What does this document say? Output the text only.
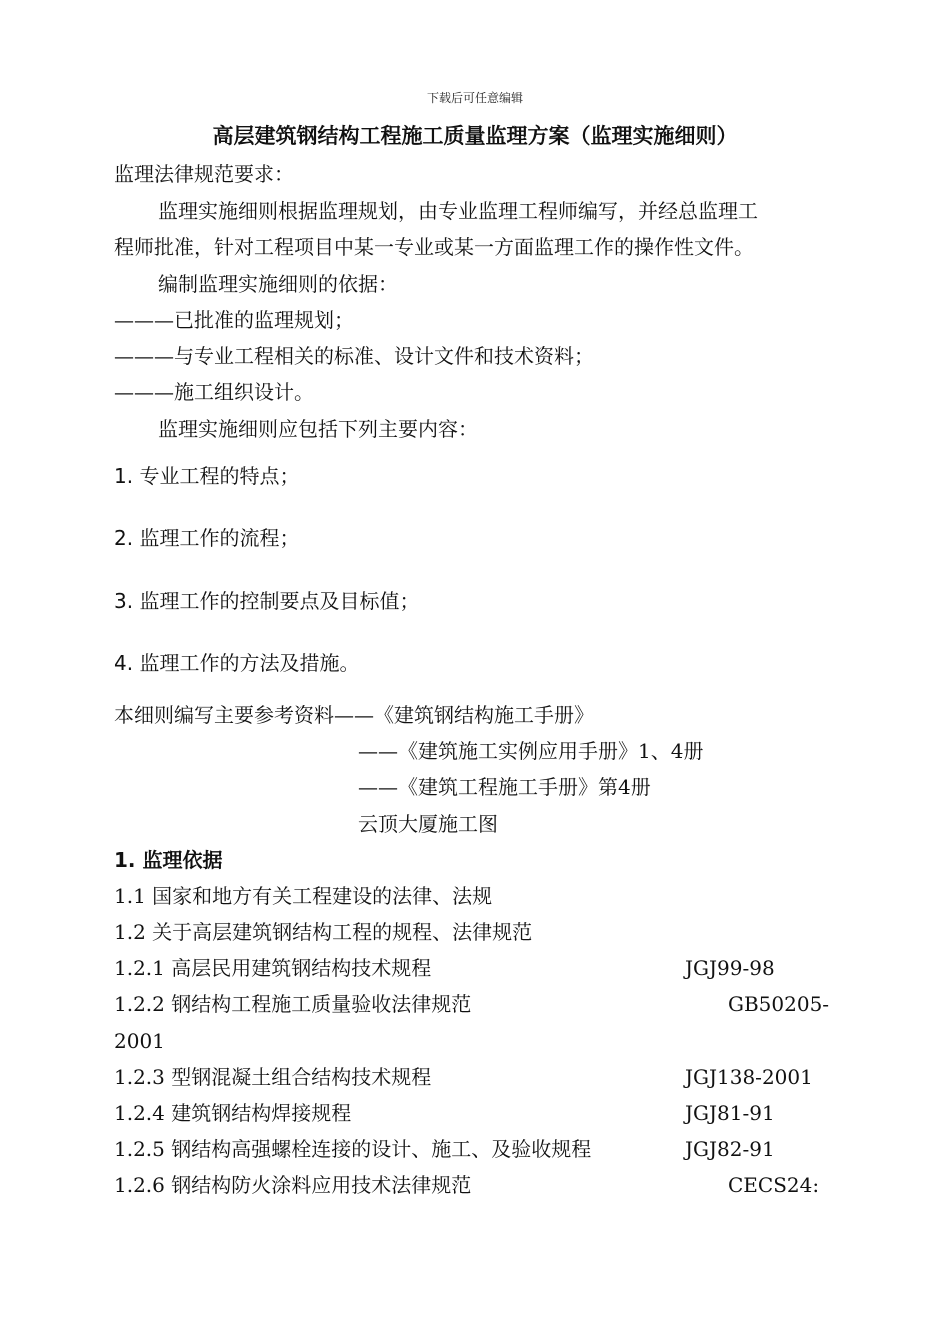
下载后可任意编辑
高层建筑钢结构工程施工质量监理方案（监理实施细则）
监理法律规范要求：
监理实施细则根据监理规划，由专业监理工程师编写，并经总监理工
程师批准，针对工程项目中某一专业或某一方面监理工作的操作性文件。
编制监理实施细则的依据：
———已批准的监理规划；
———与专业工程相关的标准、设计文件和技术资料；
———施工组织设计。
监理实施细则应包括下列主要内容：
1. 专业工程的特点；
2. 监理工作的流程；
3. 监理工作的控制要点及目标值；
4. 监理工作的方法及措施。
本细则编写主要参考资料——《建筑钢结构施工手册》
——《建筑施工实例应用手册》1、4册
——《建筑工程施工手册》第4册
云顶大厦施工图
1. 监理依据
1.1 国家和地方有关工程建设的法律、法规
1.2 关于高层建筑钢结构工程的规程、法律规范
1.2.1 高层民用建筑钢结构技术规程	JGJ99-98
1.2.2 钢结构工程施工质量验收法律规范	GB50205-
2001
1.2.3 型钢混凝土组合结构技术规程	JGJ138-2001
1.2.4 建筑钢结构焊接规程	JGJ81-91
1.2.5 钢结构高强螺栓连接的设计、施工、及验收规程	JGJ82-91
1.2.6 钢结构防火涂料应用技术法律规范	CECS24:
